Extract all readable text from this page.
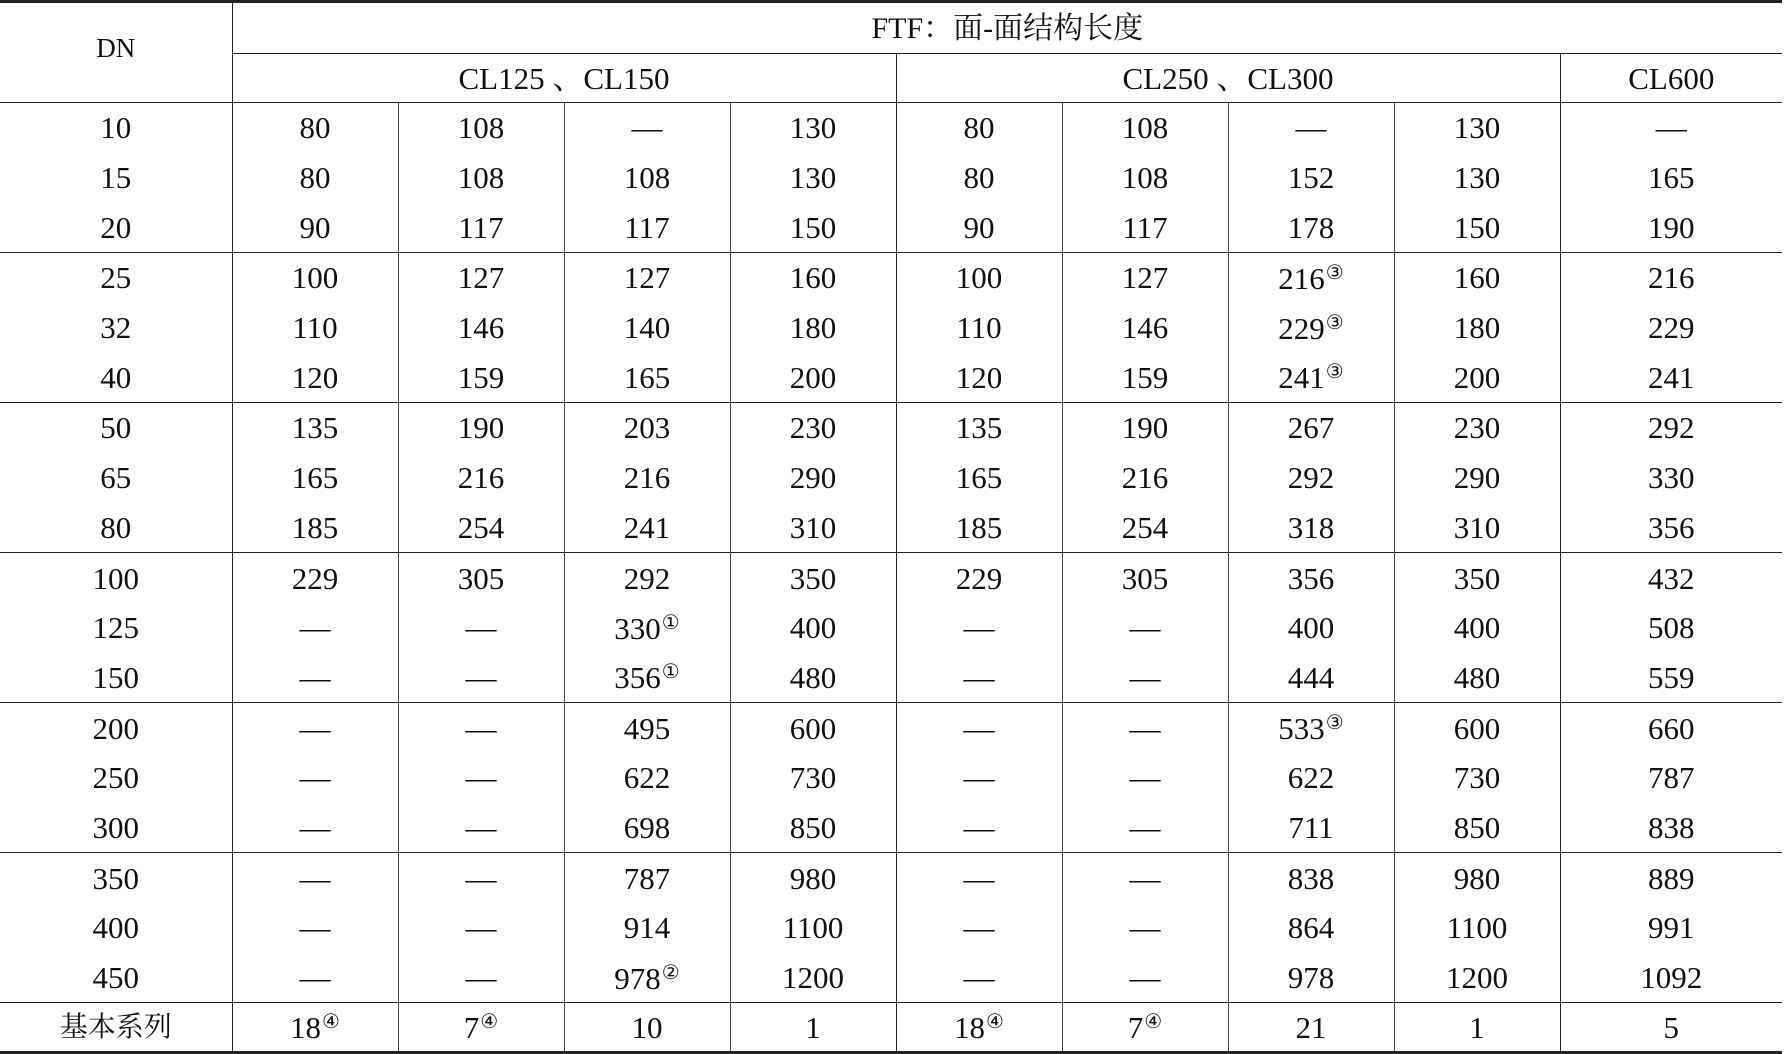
DN	FTF：面-面结构长度								
	CL125 、CL150				CL250 、CL300				CL600
10	80	108	—	130	80	108	—	130	—
15	80	108	108	130	80	108	152	130	165
20	90	117	117	150	90	117	178	150	190
25	100	127	127	160	100	127	216③	160	216
32	110	146	140	180	110	146	229③	180	229
40	120	159	165	200	120	159	241③	200	241
50	135	190	203	230	135	190	267	230	292
65	165	216	216	290	165	216	292	290	330
80	185	254	241	310	185	254	318	310	356
100	229	305	292	350	229	305	356	350	432
125	—	—	330①	400	—	—	400	400	508
150	—	—	356①	480	—	—	444	480	559
200	—	—	495	600	—	—	533③	600	660
250	—	—	622	730	—	—	622	730	787
300	—	—	698	850	—	—	711	850	838
350	—	—	787	980	—	—	838	980	889
400	—	—	914	1100	—	—	864	1100	991
450	—	—	978②	1200	—	—	978	1200	1092
基本系列	18④	7④	10	1	18④	7④	21	1	5
